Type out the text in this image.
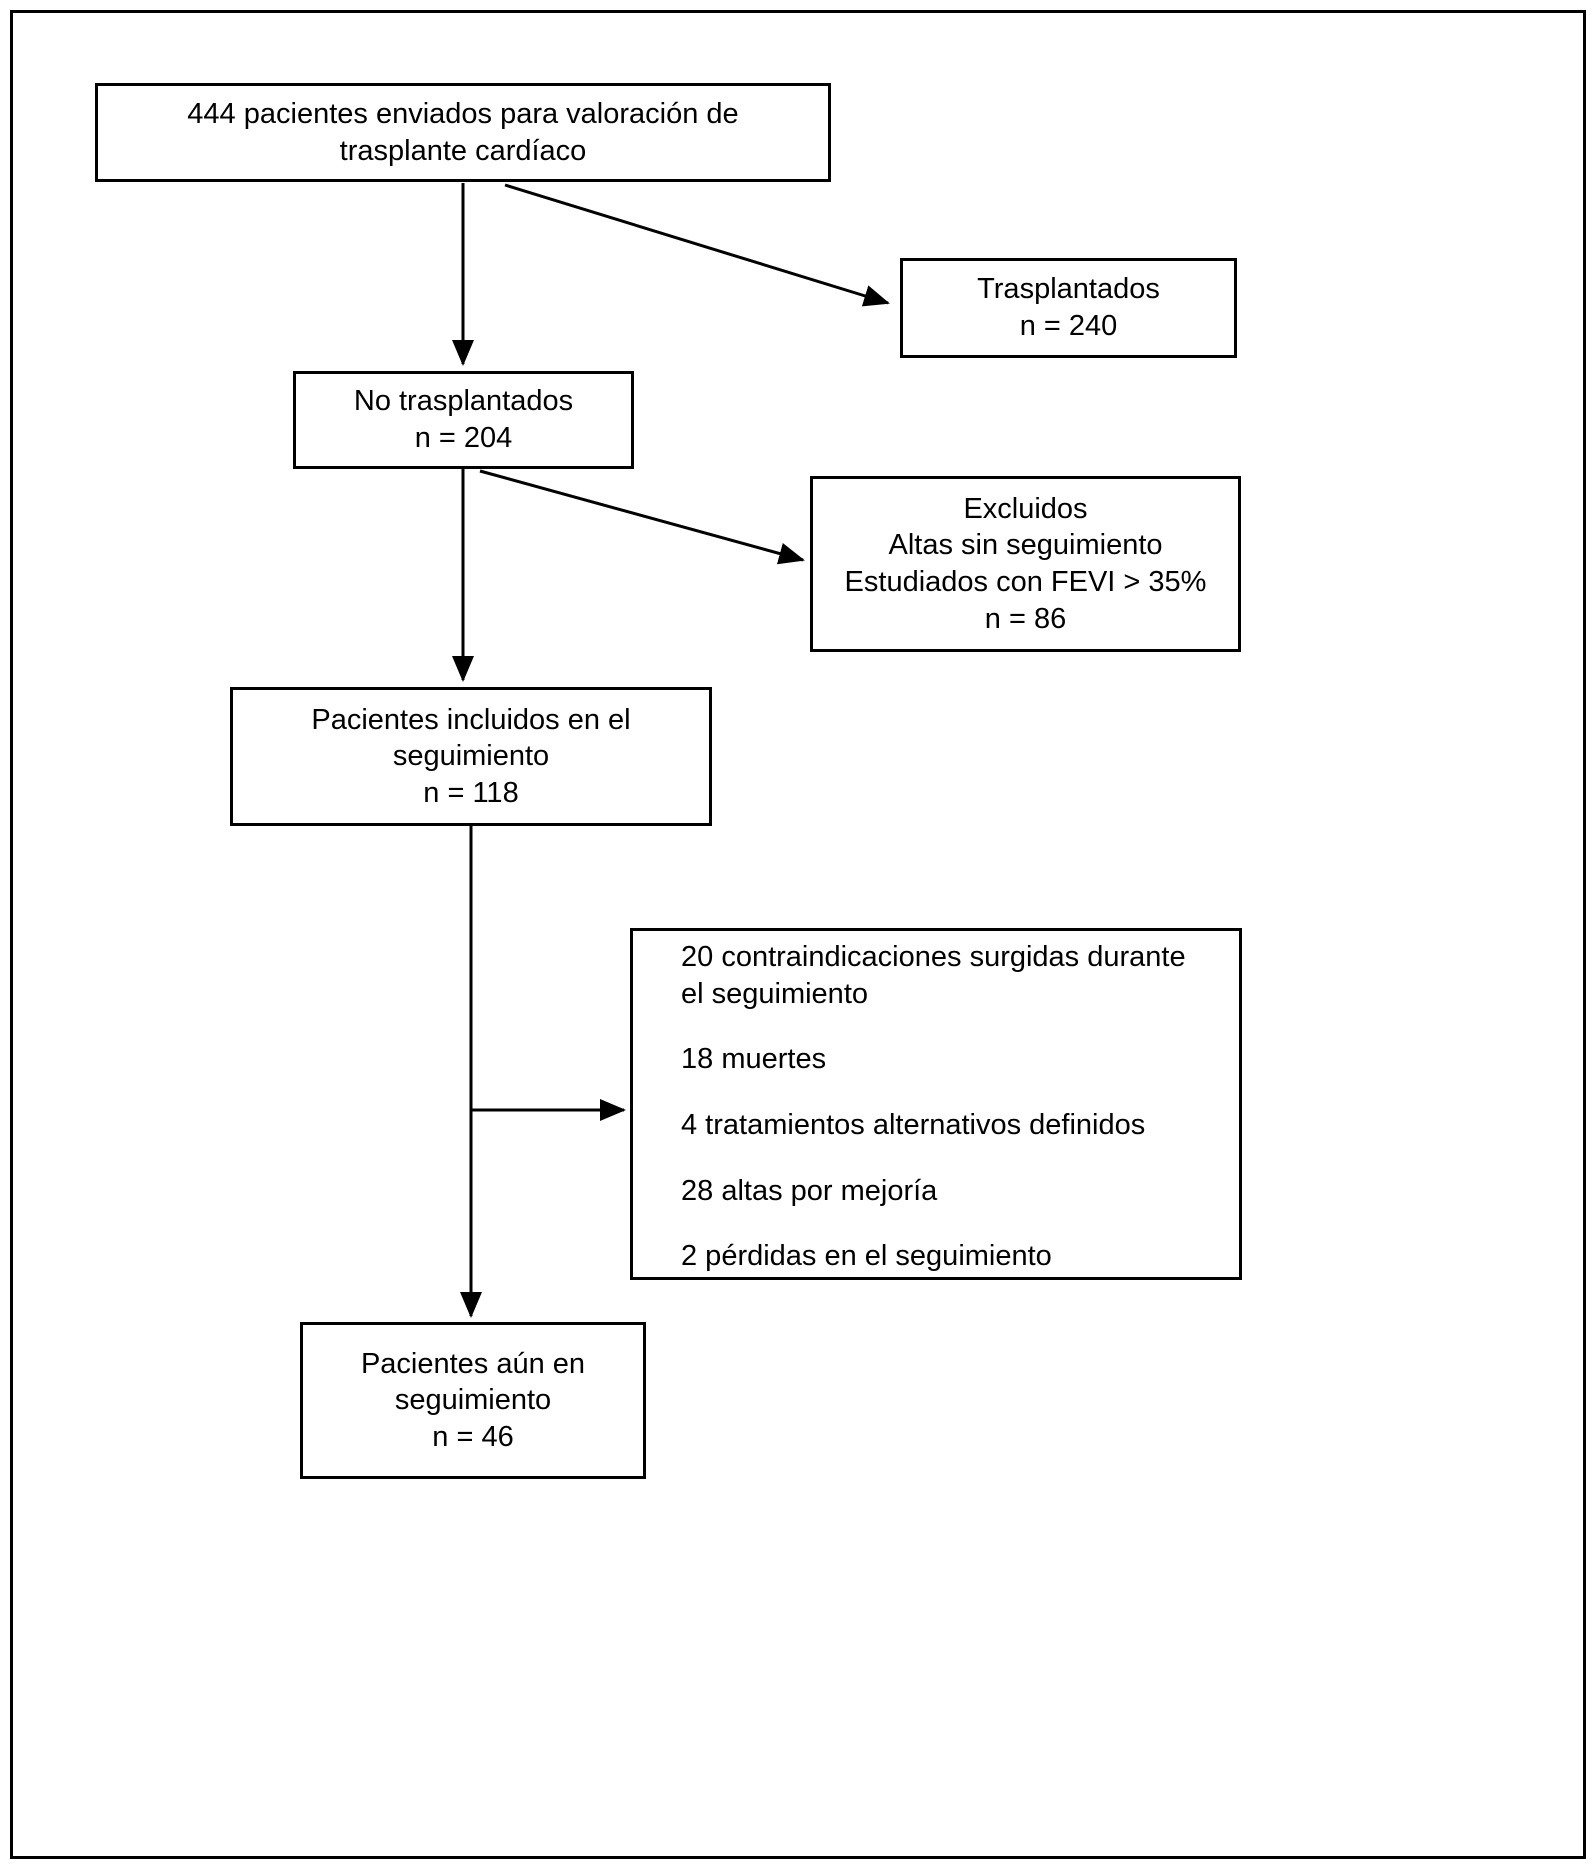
444 pacientes enviados para valoración de
trasplante cardíaco
Trasplantados
n = 240
No trasplantados
n = 204
Excluidos
Altas sin seguimiento
Estudiados con FEVI > 35%
n = 86
Pacientes incluidos en el
seguimiento
n = 118

20 contraindicaciones surgidas durante el seguimiento

18 muertes

4 tratamientos alternativos definidos

28 altas por mejoría

2 pérdidas en el seguimiento

Pacientes aún en
seguimiento
n = 46
